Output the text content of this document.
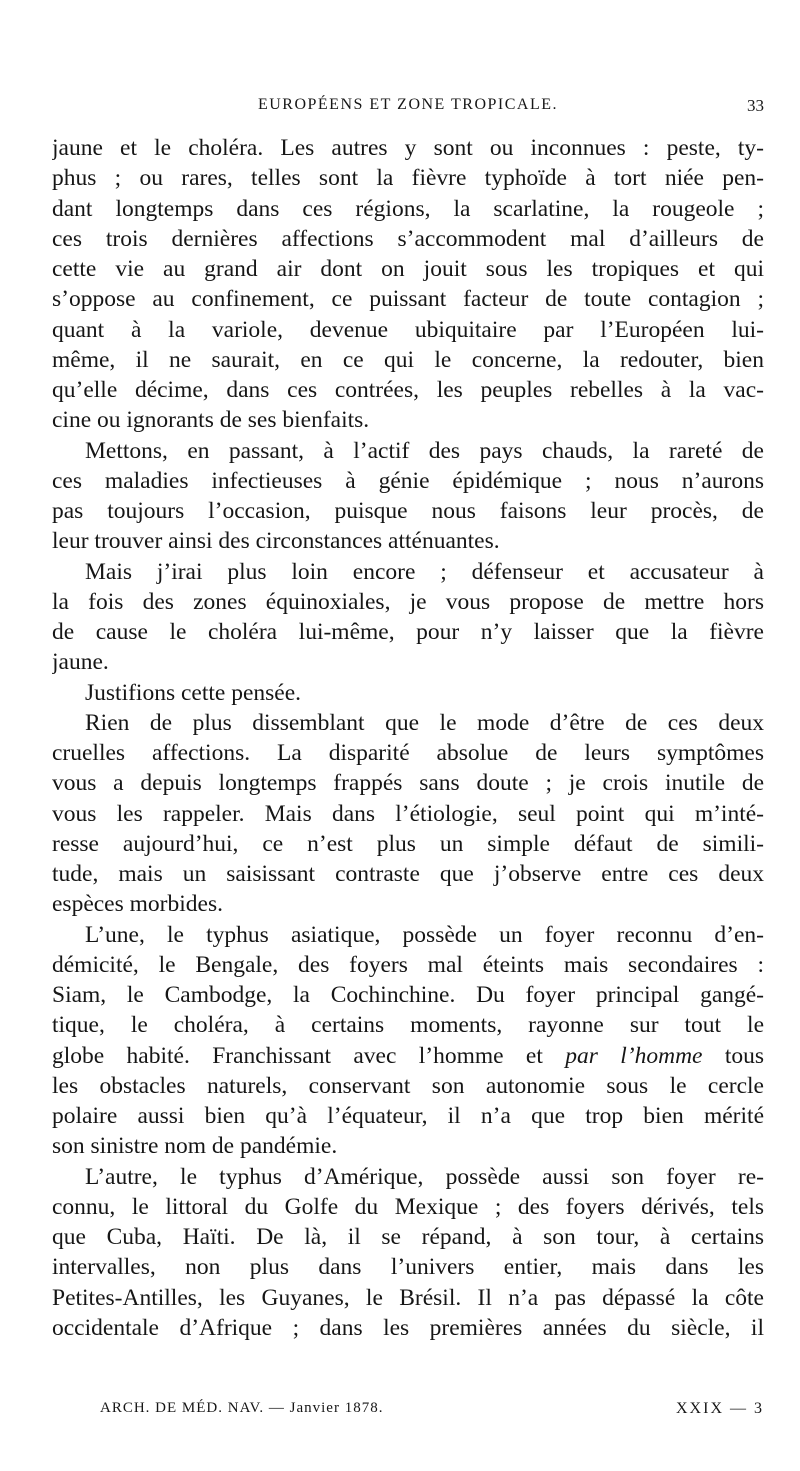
EUROPÉENS ET ZONE TROPICALE.	33
jaune et le choléra. Les autres y sont ou inconnues : peste, ty-
phus ; ou rares, telles sont la fièvre typhoïde à tort niée pen-
dant longtemps dans ces régions, la scarlatine, la rougeole ;
ces trois dernières affections s’accommodent mal d’ailleurs de
cette vie au grand air dont on jouit sous les tropiques et qui
s’oppose au confinement, ce puissant facteur de toute contagion ;
quant à la variole, devenue ubiquitaire par l’Européen lui-
même, il ne saurait, en ce qui le concerne, la redouter, bien
qu’elle décime, dans ces contrées, les peuples rebelles à la vac-
cine ou ignorants de ses bienfaits.
Mettons, en passant, à l’actif des pays chauds, la rareté de
ces maladies infectieuses à génie épidémique ; nous n’aurons
pas toujours l’occasion, puisque nous faisons leur procès, de
leur trouver ainsi des circonstances atténuantes.
Mais j’irai plus loin encore ; défenseur et accusateur à
la fois des zones équinoxiales, je vous propose de mettre hors
de cause le choléra lui-même, pour n’y laisser que la fièvre
jaune.
Justifions cette pensée.
Rien de plus dissemblant que le mode d’être de ces deux
cruelles affections. La disparité absolue de leurs symptômes
vous a depuis longtemps frappés sans doute ; je crois inutile de
vous les rappeler. Mais dans l’étiologie, seul point qui m’inté-
resse aujourd’hui, ce n’est plus un simple défaut de simili-
tude, mais un saisissant contraste que j’observe entre ces deux
espèces morbides.
L’une, le typhus asiatique, possède un foyer reconnu d’en-
démicité, le Bengale, des foyers mal éteints mais secondaires :
Siam, le Cambodge, la Cochinchine. Du foyer principal gangé-
tique, le choléra, à certains moments, rayonne sur tout le
globe habité. Franchissant avec l’homme et par l’homme tous
les obstacles naturels, conservant son autonomie sous le cercle
polaire aussi bien qu’à l’équateur, il n’a que trop bien mérité
son sinistre nom de pandémie.
L’autre, le typhus d’Amérique, possède aussi son foyer re-
connu, le littoral du Golfe du Mexique ; des foyers dérivés, tels
que Cuba, Haïti. De là, il se répand, à son tour, à certains
intervalles, non plus dans l’univers entier, mais dans les
Petites-Antilles, les Guyanes, le Brésil. Il n’a pas dépassé la côte
occidentale d’Afrique ; dans les premières années du siècle, il
ARCH. DE MÉD. NAV. — Janvier 1878.	XXIX — 3
